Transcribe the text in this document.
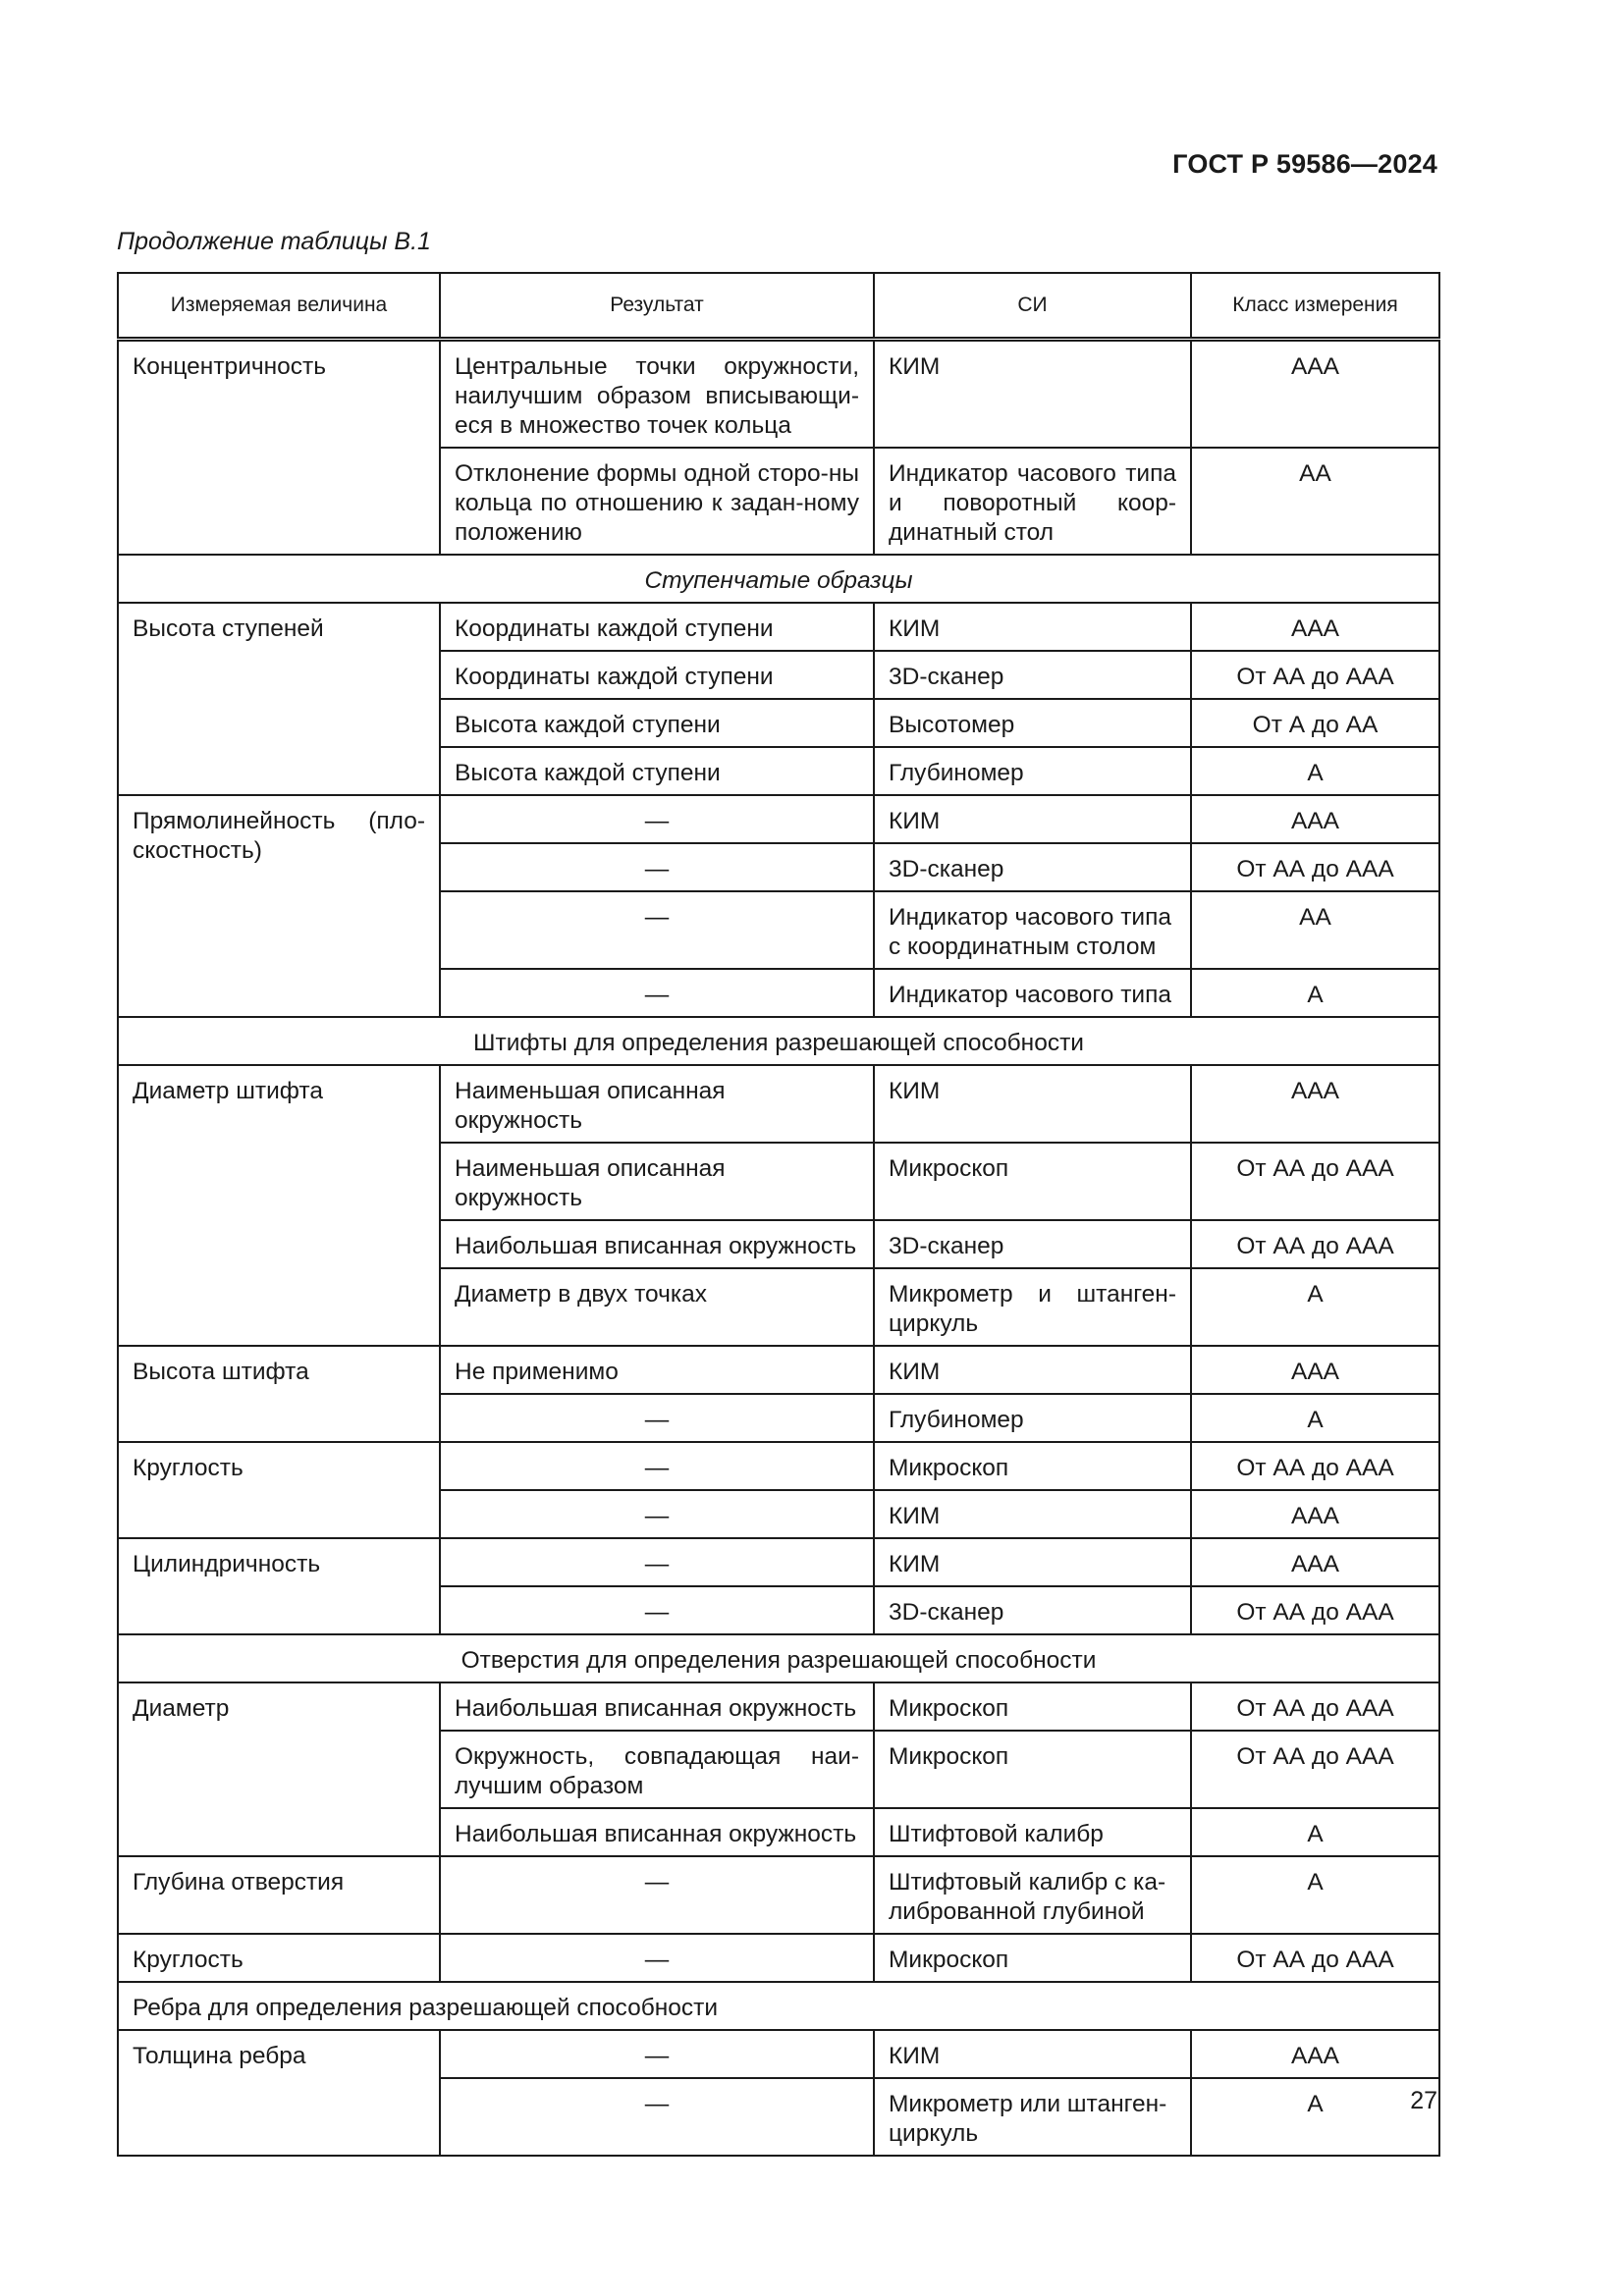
ГОСТ Р 59586—2024
Продолжение таблицы В.1
Измеряемая величина	Результат	СИ	Класс измерения
Концентричность	Центральные точки окружности, наилучшим образом вписывающи-еся в множество точек кольца	КИМ	ААА
	Отклонение формы одной сторо-ны кольца по отношению к задан-ному положению	Индикатор часового типа и поворотный коор-динатный стол	АА
Ступенчатые образцы			
Высота ступеней	Координаты каждой ступени	КИМ	ААА
	Координаты каждой ступени	3D-сканер	От АА до ААА
	Высота каждой ступени	Высотомер	От А до АА
	Высота каждой ступени	Глубиномер	А
Прямолинейность (пло-скостность)	—	КИМ	ААА
	—	3D-сканер	От АА до ААА
	—	Индикатор часового типа с координатным столом	АА
	—	Индикатор часового типа	А
Штифты для определения разрешающей способности			
Диаметр штифта	Наименьшая описанная окружность	КИМ	ААА
	Наименьшая описанная окружность	Микроскоп	От АА до ААА
	Наибольшая вписанная окружность	3D-сканер	От АА до ААА
	Диаметр в двух точках	Микрометр и штанген-циркуль	А
Высота штифта	Не применимо	КИМ	ААА
	—	Глубиномер	А
Круглость	—	Микроскоп	От АА до ААА
	—	КИМ	ААА
Цилиндричность	—	КИМ	ААА
	—	3D-сканер	От АА до ААА
Отверстия для определения разрешающей способности			
Диаметр	Наибольшая вписанная окружность	Микроскоп	От АА до ААА
	Окружность, совпадающая наи-лучшим образом	Микроскоп	От АА до ААА
	Наибольшая вписанная окружность	Штифтовой калибр	А
Глубина отверстия	—	Штифтовый калибр с ка-либрованной глубиной	А
Круглость	—	Микроскоп	От АА до ААА
Ребра для определения разрешающей способности			
Толщина ребра	—	КИМ	ААА
	—	Микрометр или штанген-циркуль	А	27
